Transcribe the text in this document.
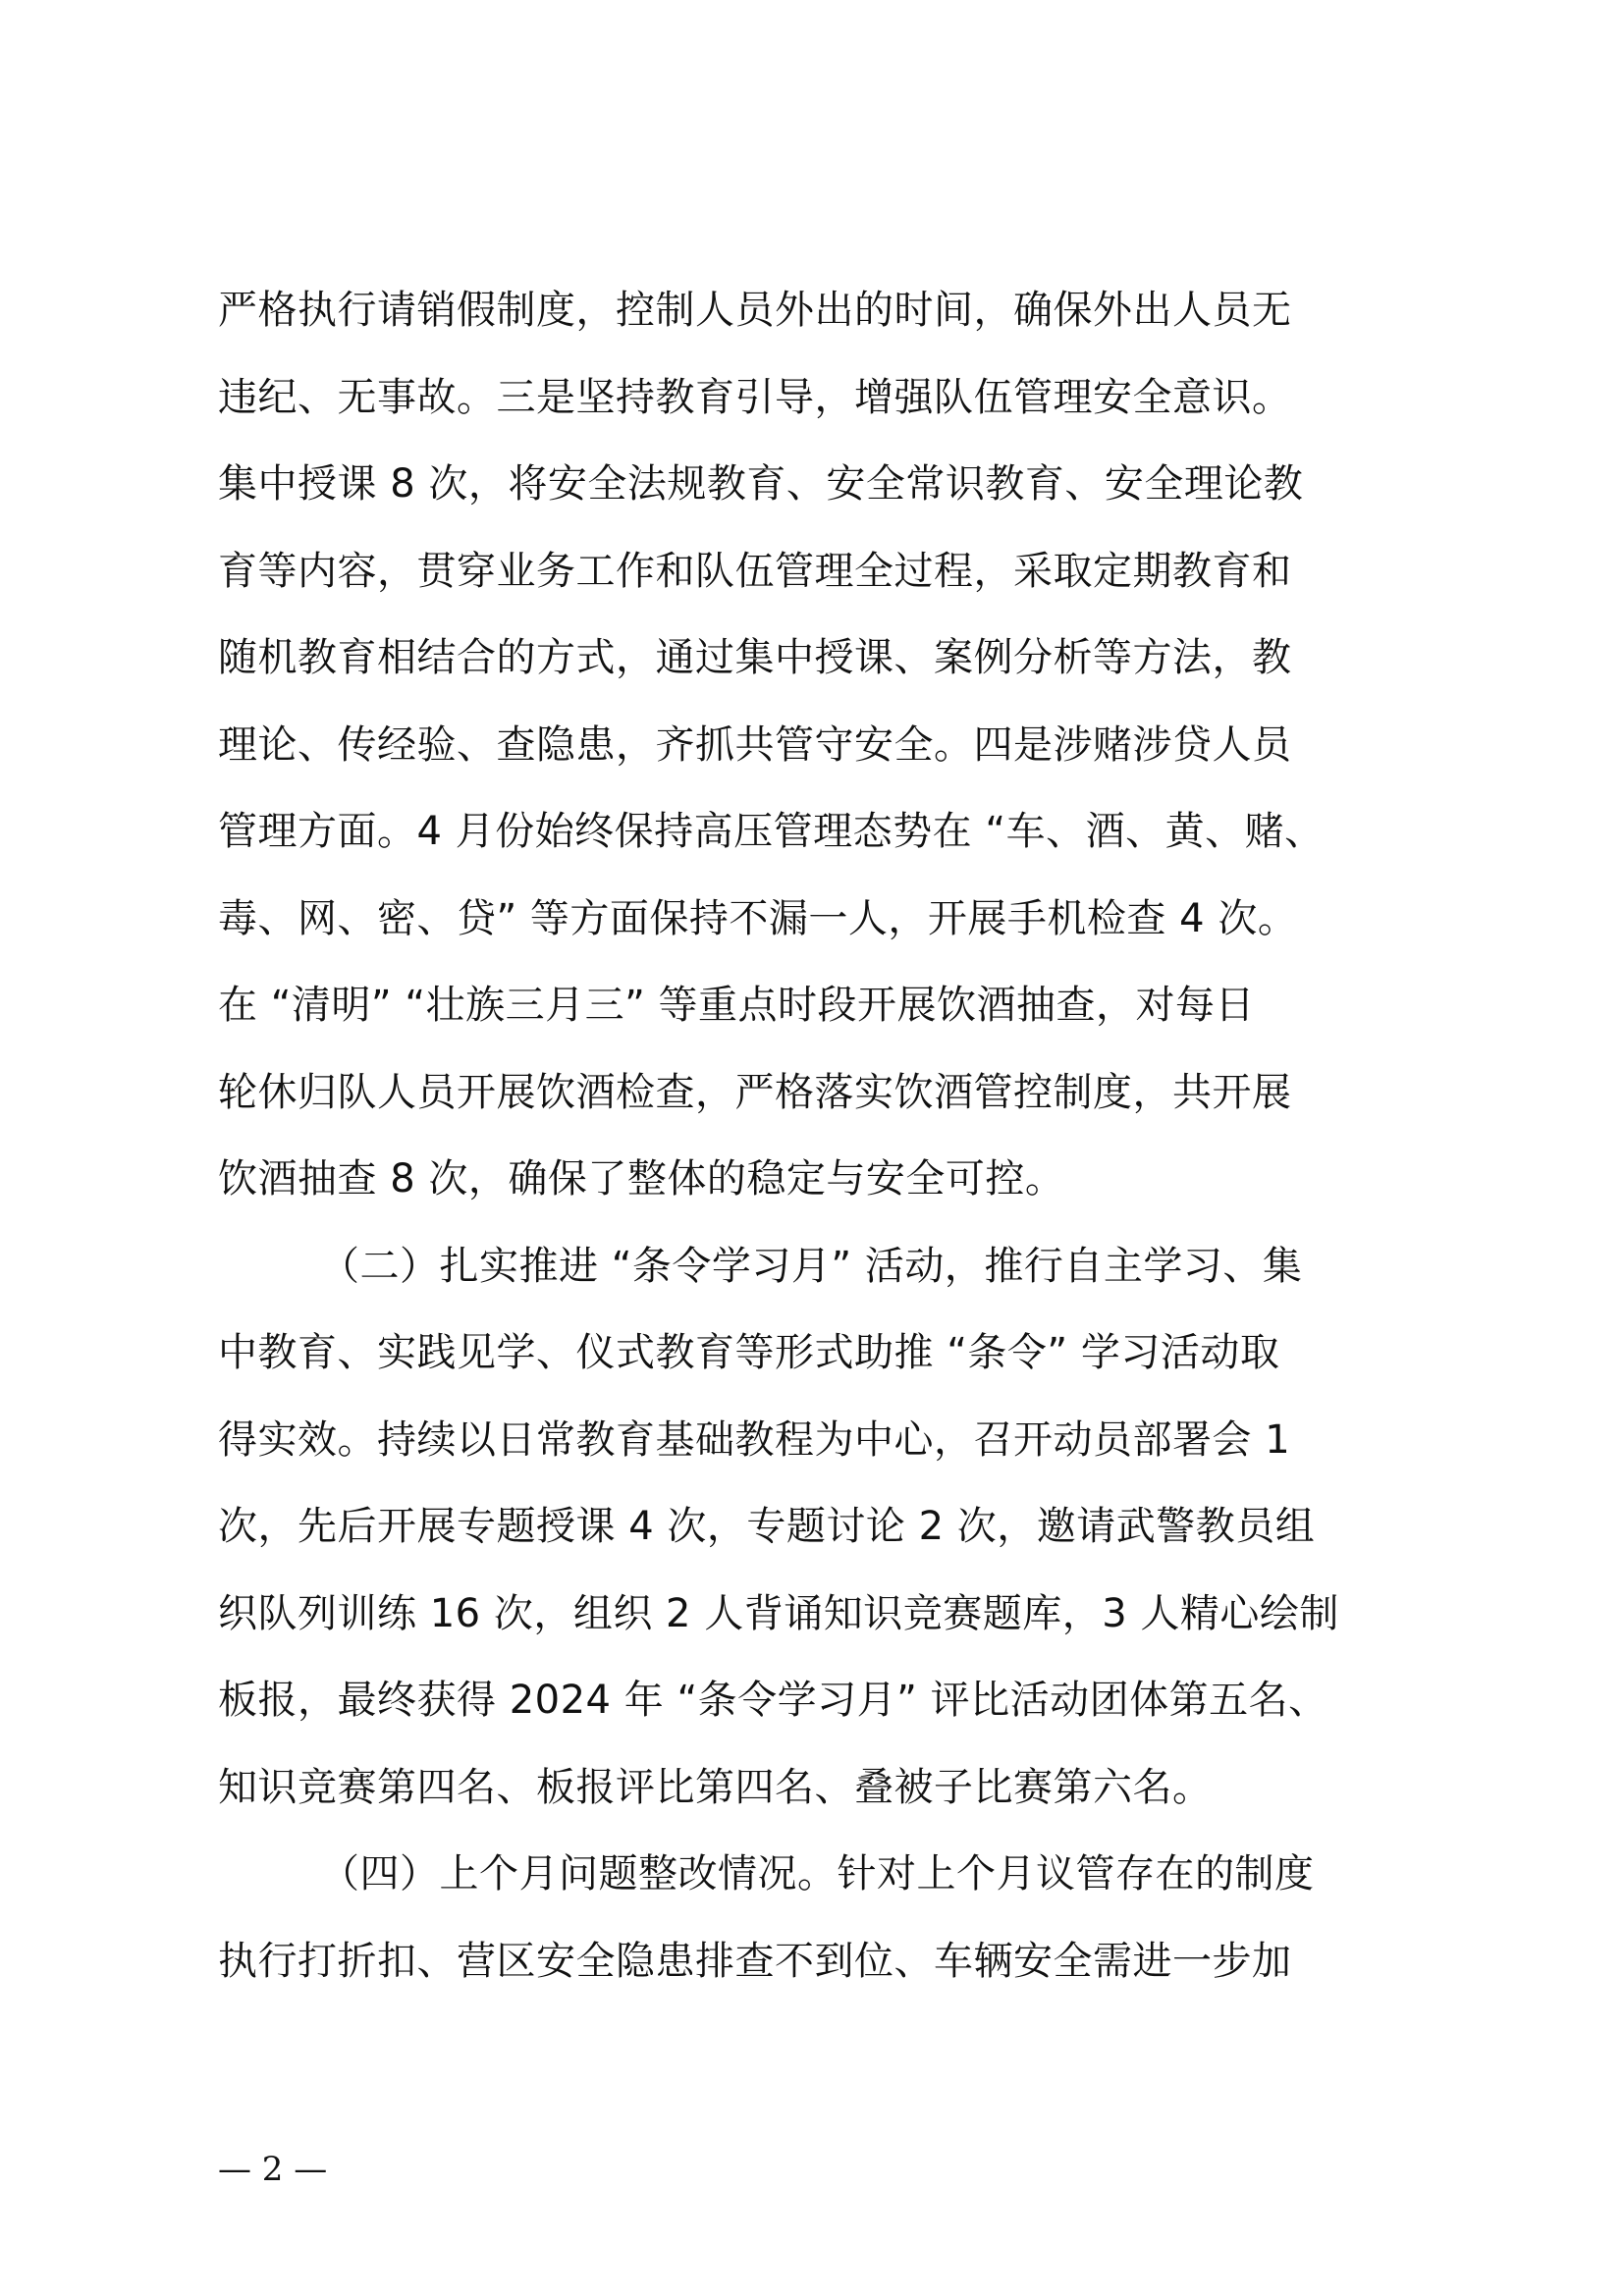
严格执行请销假制度，控制人员外出的时间，确保外出人员无
违纪、无事故。三是坚持教育引导，增强队伍管理安全意识。
集中授课 8 次，将安全法规教育、安全常识教育、安全理论教
育等内容，贯穿业务工作和队伍管理全过程，采取定期教育和
随机教育相结合的方式，通过集中授课、案例分析等方法，教
理论、传经验、查隐患，齐抓共管守安全。四是涉赌涉贷人员
管理方面。4 月份始终保持高压管理态势在 “车、酒、黄、赌、
毒、网、密、贷” 等方面保持不漏一人，开展手机检查 4 次。
在 “清明” “壮族三月三” 等重点时段开展饮酒抽查，对每日
轮休归队人员开展饮酒检查，严格落实饮酒管控制度，共开展
饮酒抽查 8 次，确保了整体的稳定与安全可控。
（二）扎实推进 “条令学习月” 活动，推行自主学习、集
中教育、实践见学、仪式教育等形式助推 “条令” 学习活动取
得实效。持续以日常教育基础教程为中心，召开动员部署会 1
次，先后开展专题授课 4 次，专题讨论 2 次，邀请武警教员组
织队列训练 16 次，组织 2 人背诵知识竞赛题库，3 人精心绘制
板报，最终获得 2024 年 “条令学习月” 评比活动团体第五名、
知识竞赛第四名、板报评比第四名、叠被子比赛第六名。
（四）上个月问题整改情况。针对上个月议管存在的制度
执行打折扣、营区安全隐患排查不到位、车辆安全需进一步加
— 2 —
